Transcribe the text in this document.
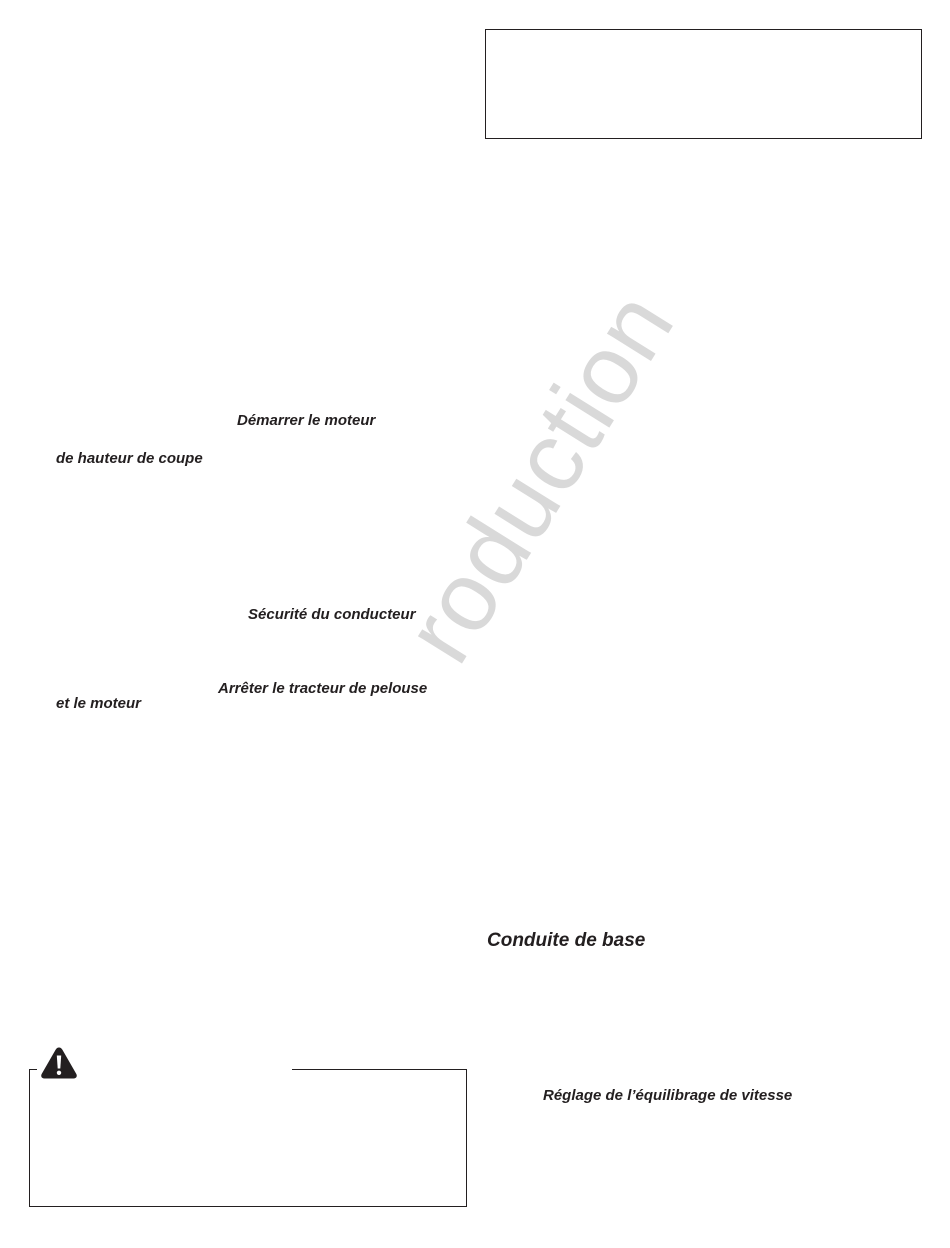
roduction
Démarrer le moteur
de hauteur de coupe
Sécurité du conducteur
Arrêter le tracteur de pelouse
et le moteur
Conduite de base
Réglage de l’équilibrage de vitesse
